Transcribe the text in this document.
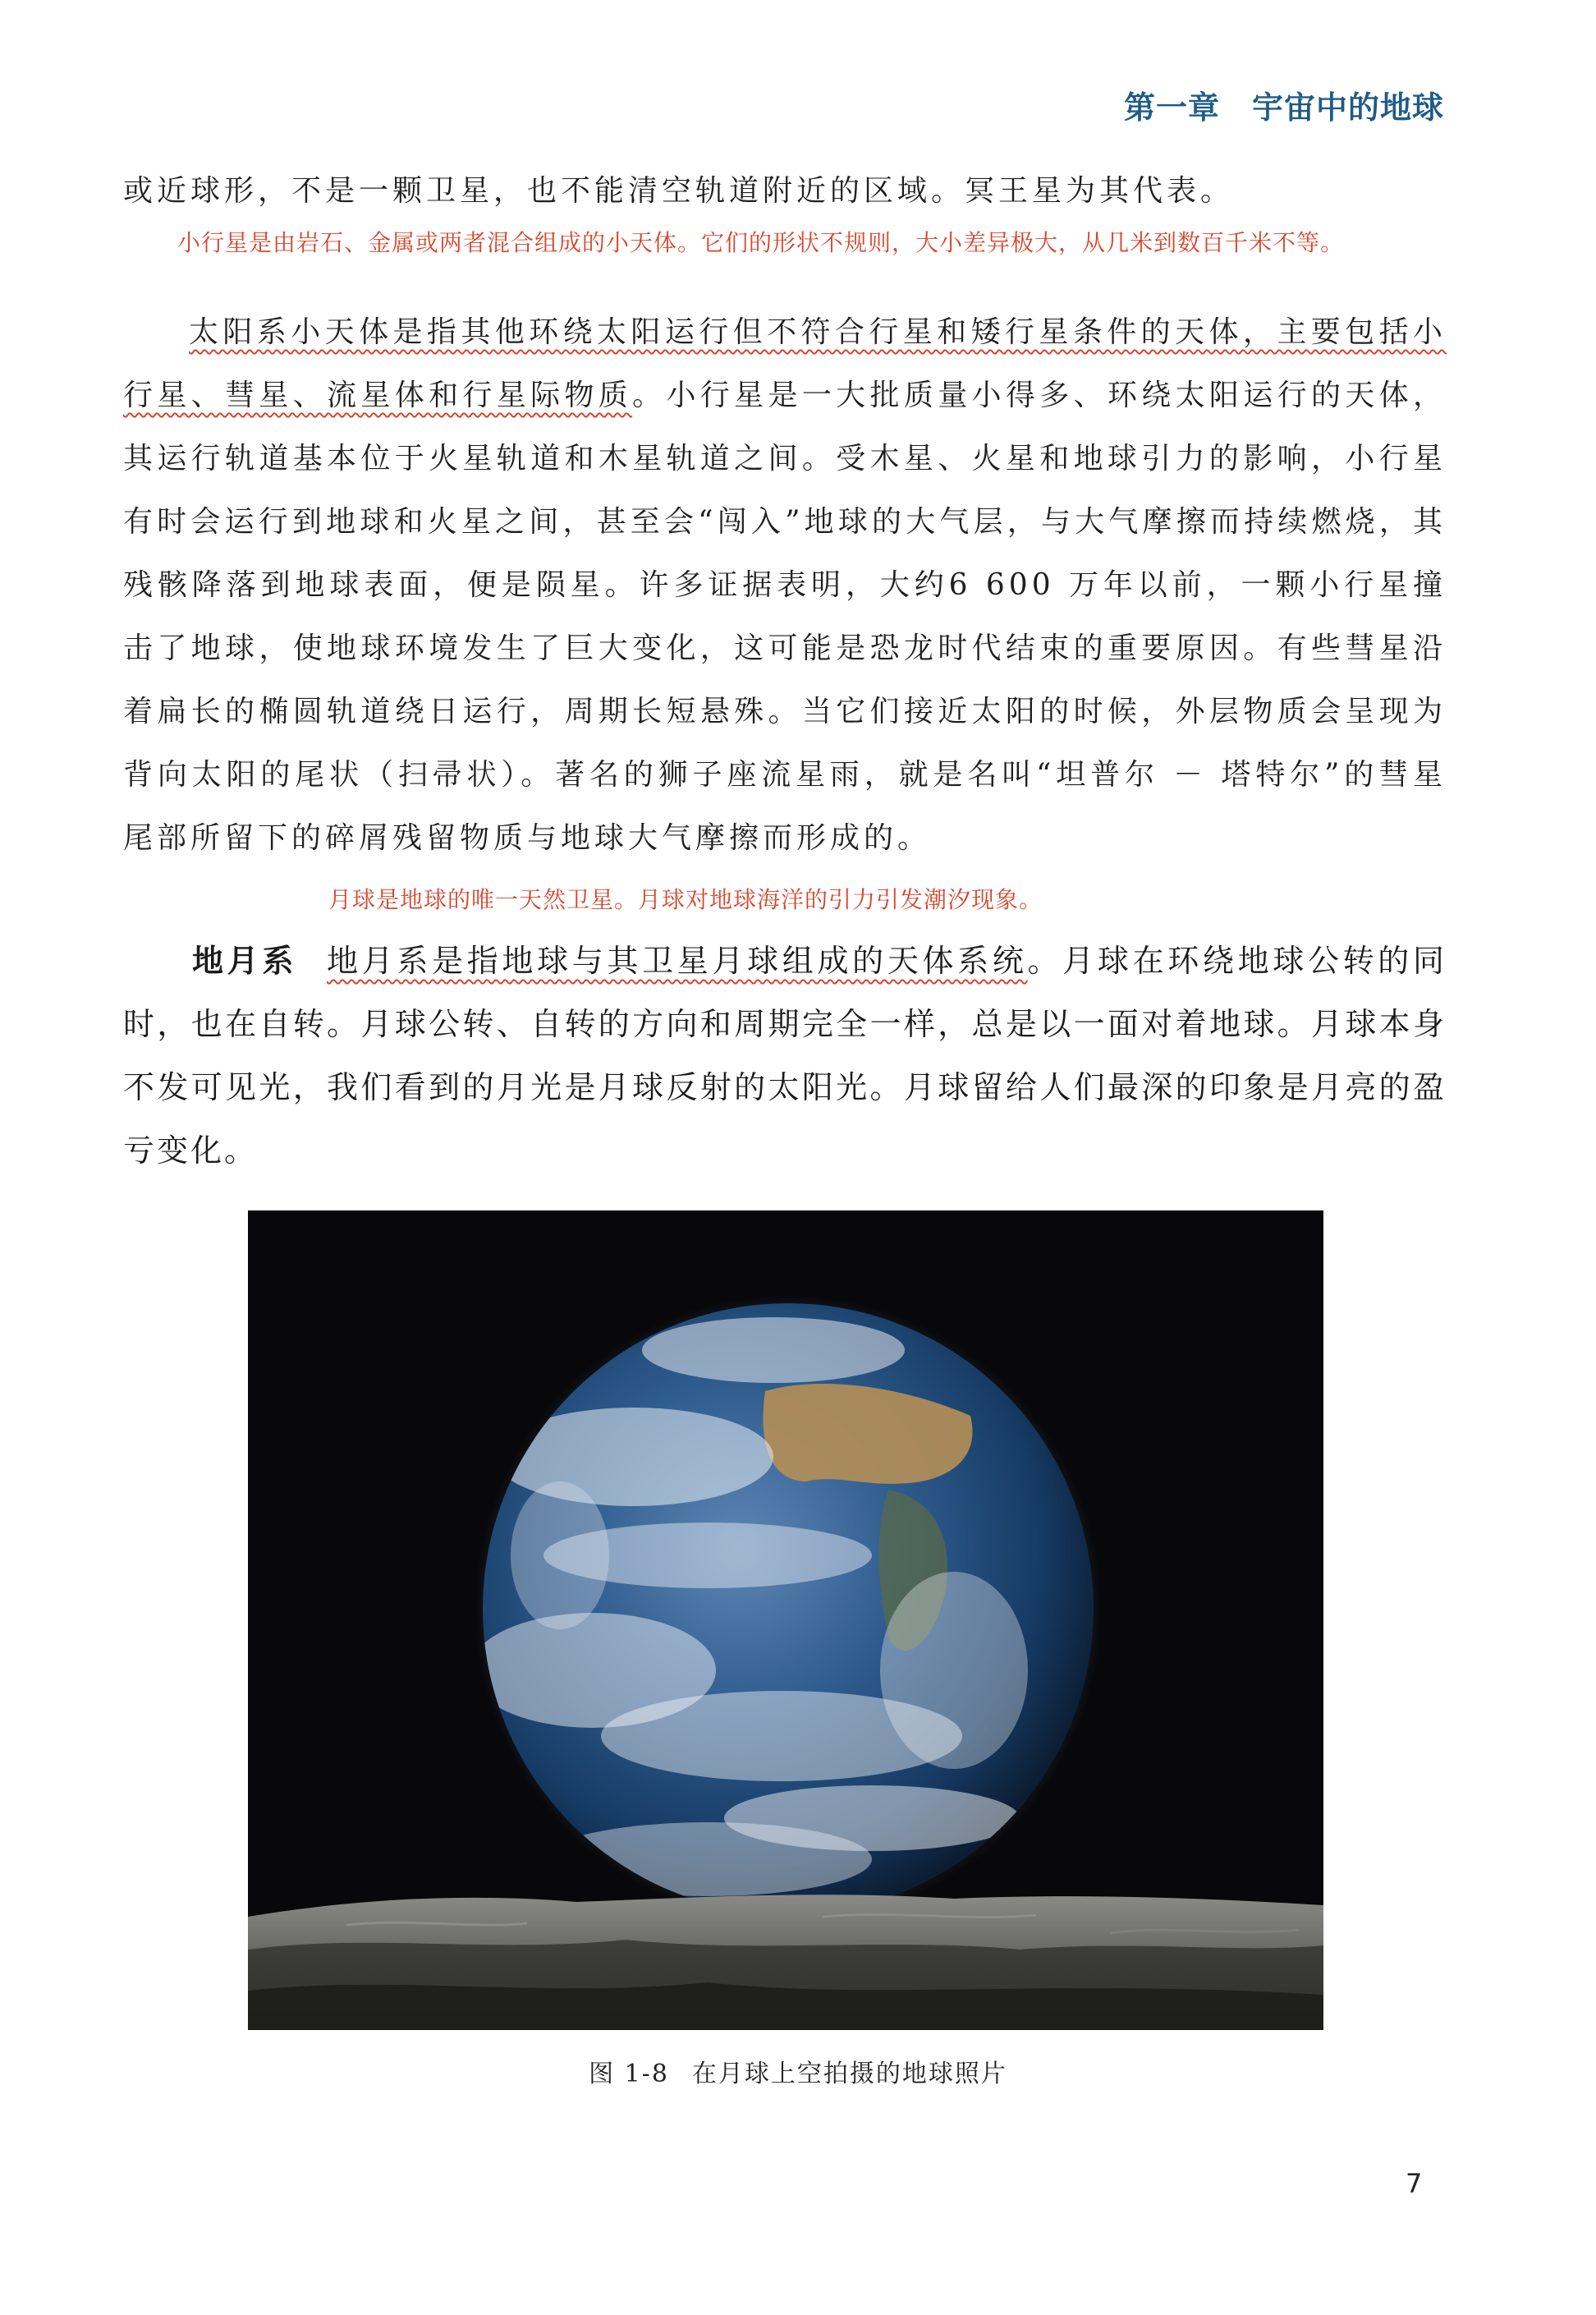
第一章　宇宙中的地球
或近球形，不是一颗卫星，也不能清空轨道附近的区域。冥王星为其代表。
小行星是由岩石、金属或两者混合组成的小天体。它们的形状不规则，大小差异极大，从几米到数百千米不等。
太阳系小天体是指其他环绕太阳运行但不符合行星和矮行星条件的天体，主要包括小行星、彗星、流星体和行星际物质。小行星是一大批质量小得多、环绕太阳运行的天体，其运行轨道基本位于火星轨道和木星轨道之间。受木星、火星和地球引力的影响，小行星有时会运行到地球和火星之间，甚至会“闯入”地球的大气层，与大气摩擦而持续燃烧，其残骸降落到地球表面，便是陨星。许多证据表明，大约6 600 万年以前，一颗小行星撞击了地球，使地球环境发生了巨大变化，这可能是恐龙时代结束的重要原因。有些彗星沿着扁长的椭圆轨道绕日运行，周期长短悬殊。当它们接近太阳的时候，外层物质会呈现为背向太阳的尾状（扫帚状）。著名的狮子座流星雨，就是名叫“坦普尔 － 塔特尔”的彗星尾部所留下的碎屑残留物质与地球大气摩擦而形成的。
月球是地球的唯一天然卫星。月球对地球海洋的引力引发潮汐现象。
地月系 地月系是指地球与其卫星月球组成的天体系统。月球在环绕地球公转的同时，也在自转。月球公转、自转的方向和周期完全一样，总是以一面对着地球。月球本身不发可见光，我们看到的月光是月球反射的太阳光。月球留给人们最深的印象是月亮的盈亏变化。
图 1-8 在月球上空拍摄的地球照片
7
